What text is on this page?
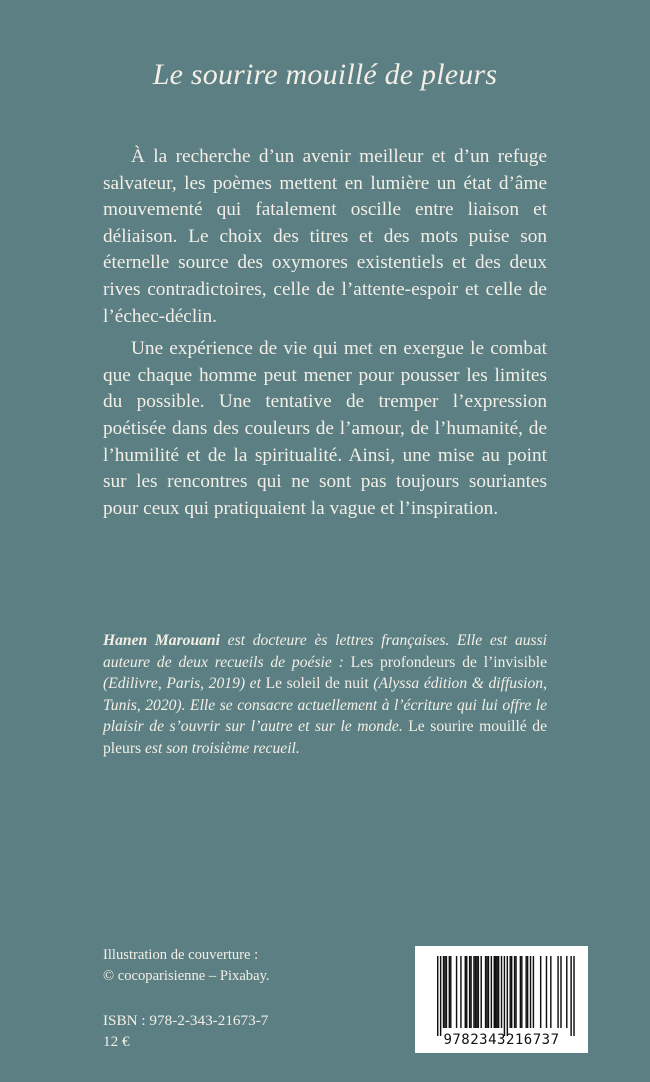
Le sourire mouillé de pleurs

À la recherche d’un avenir meilleur et d’un refuge salvateur, les poèmes mettent en lumière un état d’âme mouvementé qui fatalement oscille entre liaison et déliaison. Le choix des titres et des mots puise son éternelle source des oxymores existentiels et des deux rives contradictoires, celle de l’attente-espoir et celle de l’échec-déclin.

Une expérience de vie qui met en exergue le combat que chaque homme peut mener pour pousser les limites du possible. Une tentative de tremper l’expression poétisée dans des couleurs de l’amour, de l’humanité, de l’humilité et de la spiritualité. Ainsi, une mise au point sur les rencontres qui ne sont pas toujours souriantes pour ceux qui pratiquaient la vague et l’inspiration.

Hanen Marouani est docteure ès lettres françaises. Elle est aussi auteure de deux recueils de poésie : Les profondeurs de l’invisible (Edilivre, Paris, 2019) et Le soleil de nuit (Alyssa édition & diffusion, Tunis, 2020). Elle se consacre actuellement à l’écriture qui lui offre le plaisir de s’ouvrir sur l’autre et sur le monde. Le sourire mouillé de pleurs est son troisième recueil.
Illustration de couverture :
© cocoparisienne – Pixabay.
ISBN : 978-2-343-21673-7
12 €	9782343216737
